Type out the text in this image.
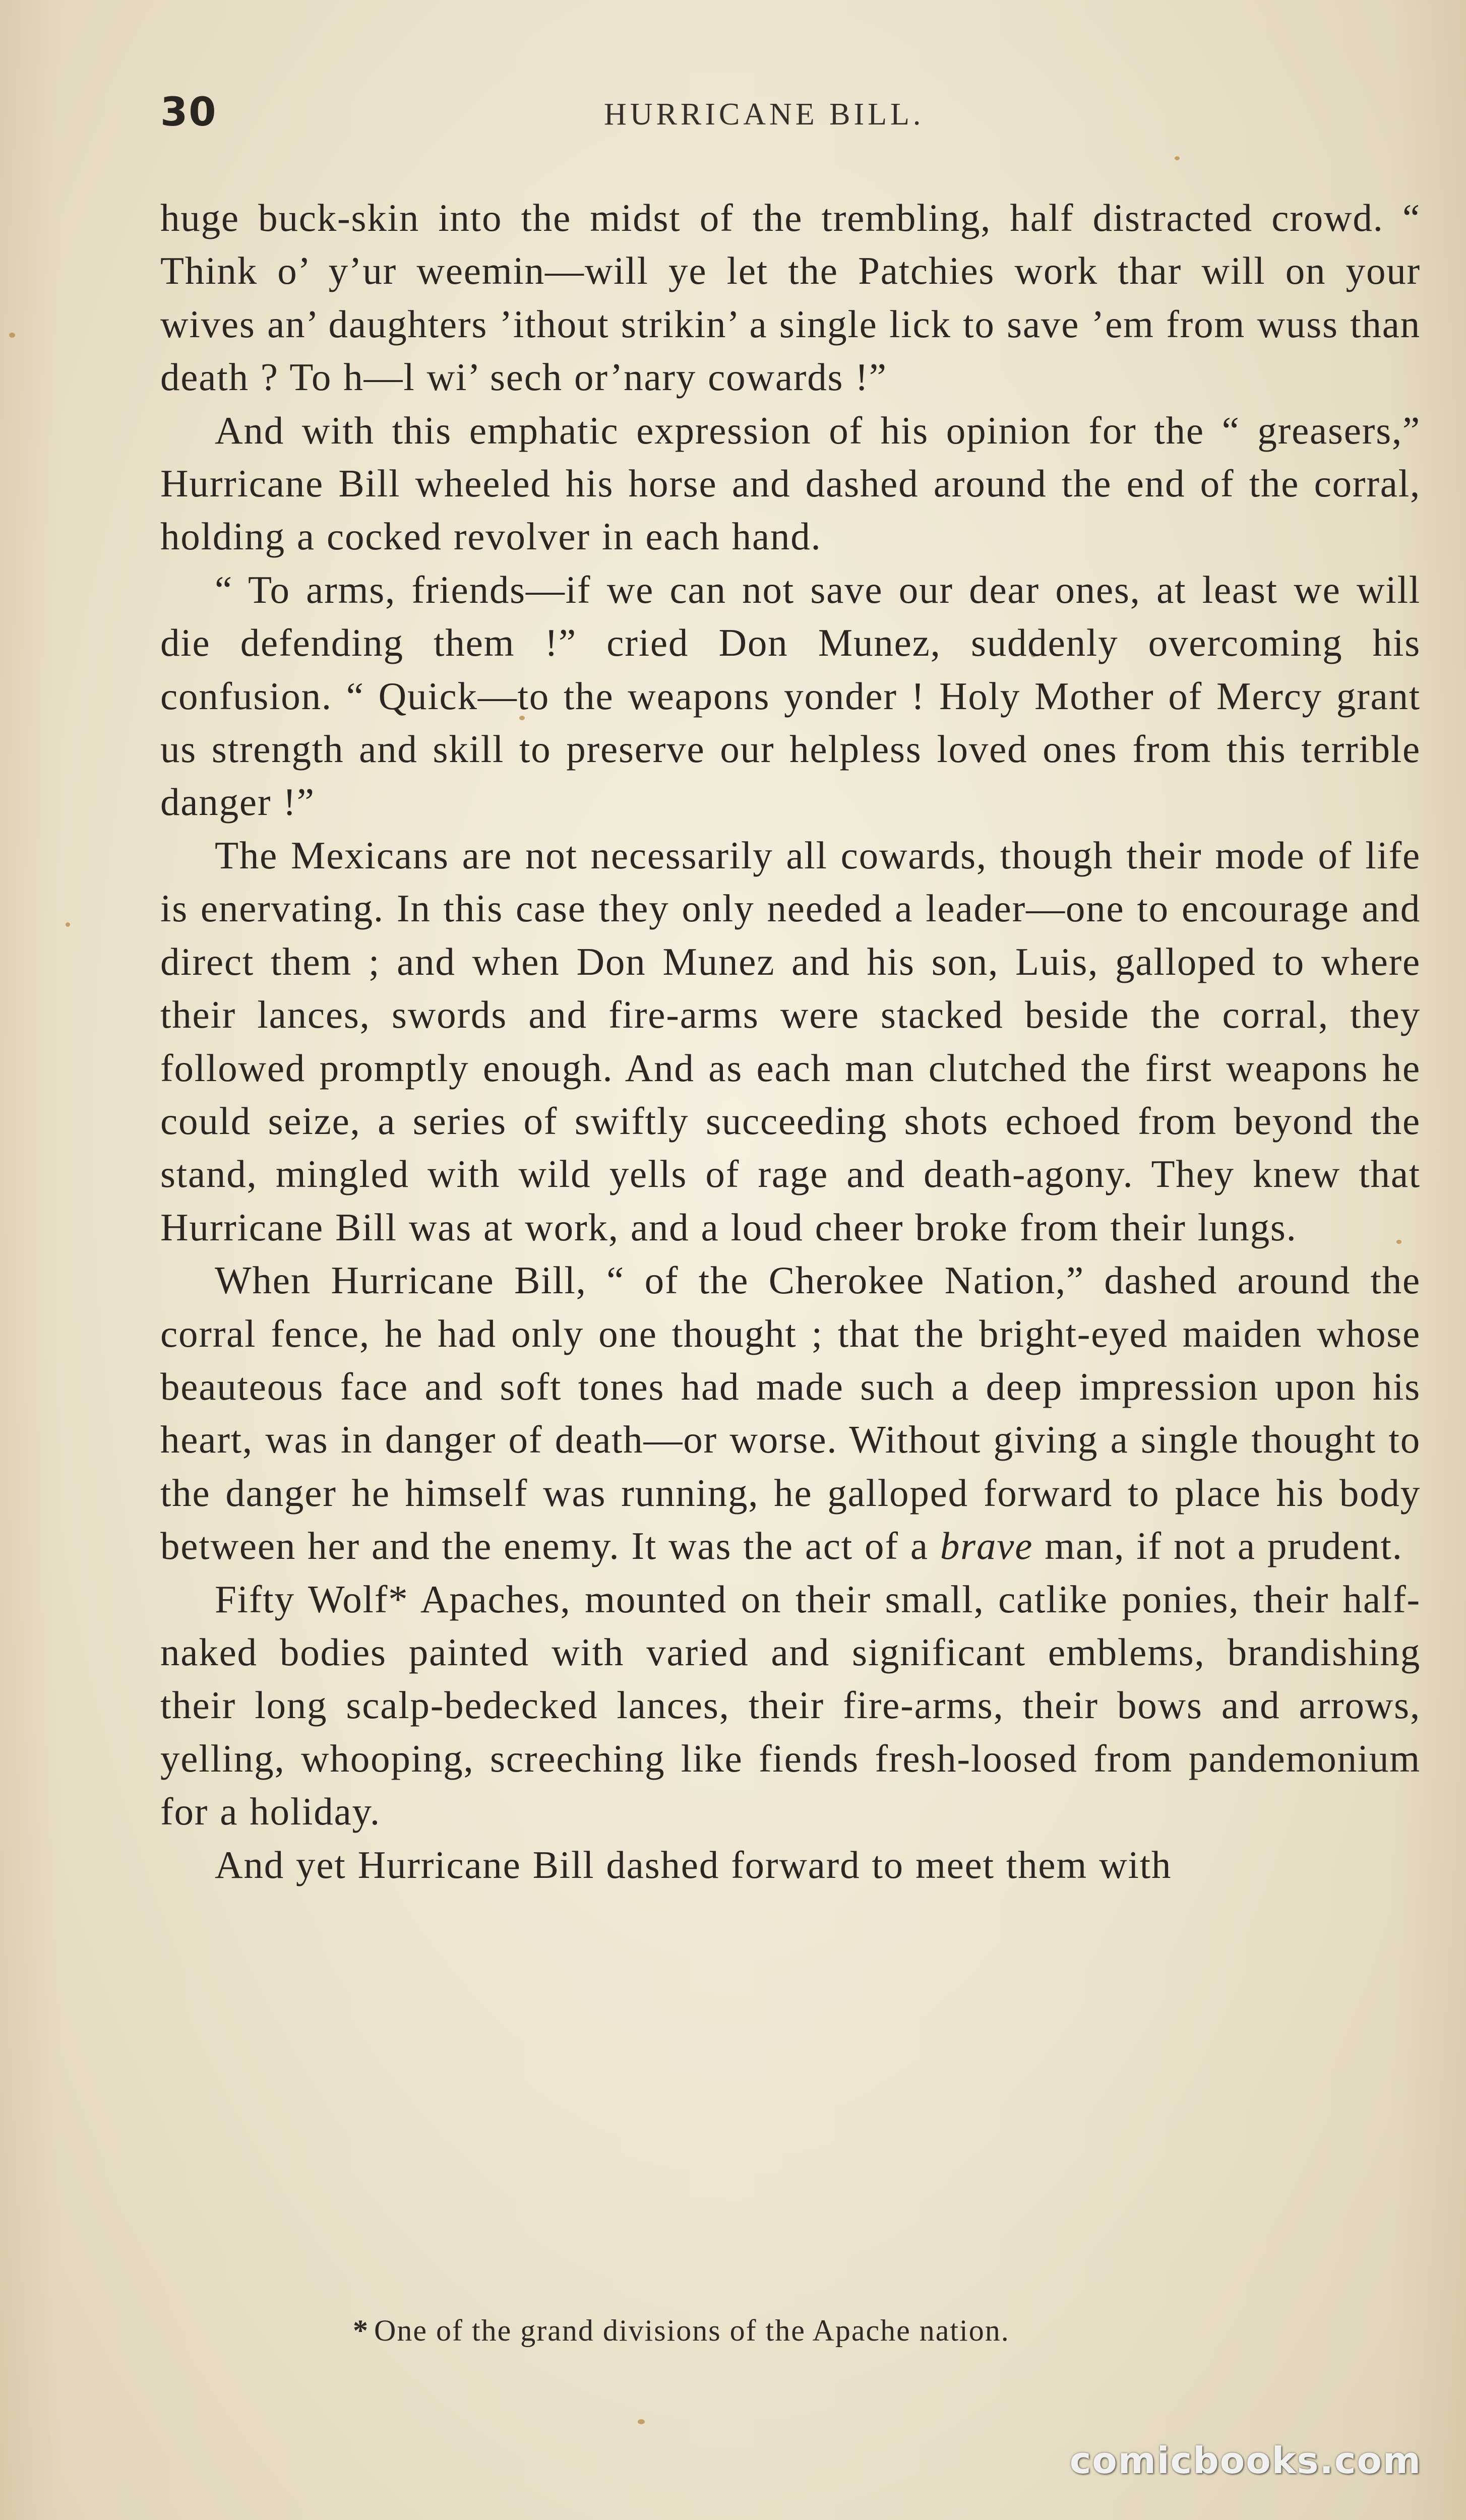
30	HURRICANE BILL.

huge buck-skin into the midst of the trembling, half distracted crowd. “ Think o’ y’ur weemin—will ye let the Patchies work thar will on your wives an’ daughters ’ithout strikin’ a single lick to save ’em from wuss than death ? To h—l wi’ sech or’nary cowards !”

And with this emphatic expression of his opinion for the “ greasers,” Hurricane Bill wheeled his horse and dashed around the end of the corral, holding a cocked revolver in each hand.

“ To arms, friends—if we can not save our dear ones, at least we will die defending them !” cried Don Munez, suddenly overcoming his confusion. “ Quick—to the weapons yonder ! Holy Mother of Mercy grant us strength and skill to preserve our helpless loved ones from this terrible danger !”

The Mexicans are not necessarily all cowards, though their mode of life is enervating. In this case they only needed a leader—one to encourage and direct them ; and when Don Munez and his son, Luis, galloped to where their lances, swords and fire-arms were stacked beside the corral, they followed promptly enough. And as each man clutched the first weapons he could seize, a series of swiftly succeeding shots echoed from beyond the stand, mingled with wild yells of rage and death-agony. They knew that Hurricane Bill was at work, and a loud cheer broke from their lungs.

When Hurricane Bill, “ of the Cherokee Nation,” dashed around the corral fence, he had only one thought ; that the bright-eyed maiden whose beauteous face and soft tones had made such a deep impression upon his heart, was in danger of death—or worse. Without giving a single thought to the danger he himself was running, he galloped forward to place his body between her and the enemy. It was the act of a brave man, if not a prudent.

Fifty Wolf* Apaches, mounted on their small, catlike ponies, their half-naked bodies painted with varied and significant emblems, brandishing their long scalp-bedecked lances, their fire-arms, their bows and arrows, yelling, whooping, screeching like fiends fresh-loosed from pandemonium for a holiday.

And yet Hurricane Bill dashed forward to meet them with

* One of the grand divisions of the Apache nation.
comicbooks.com
